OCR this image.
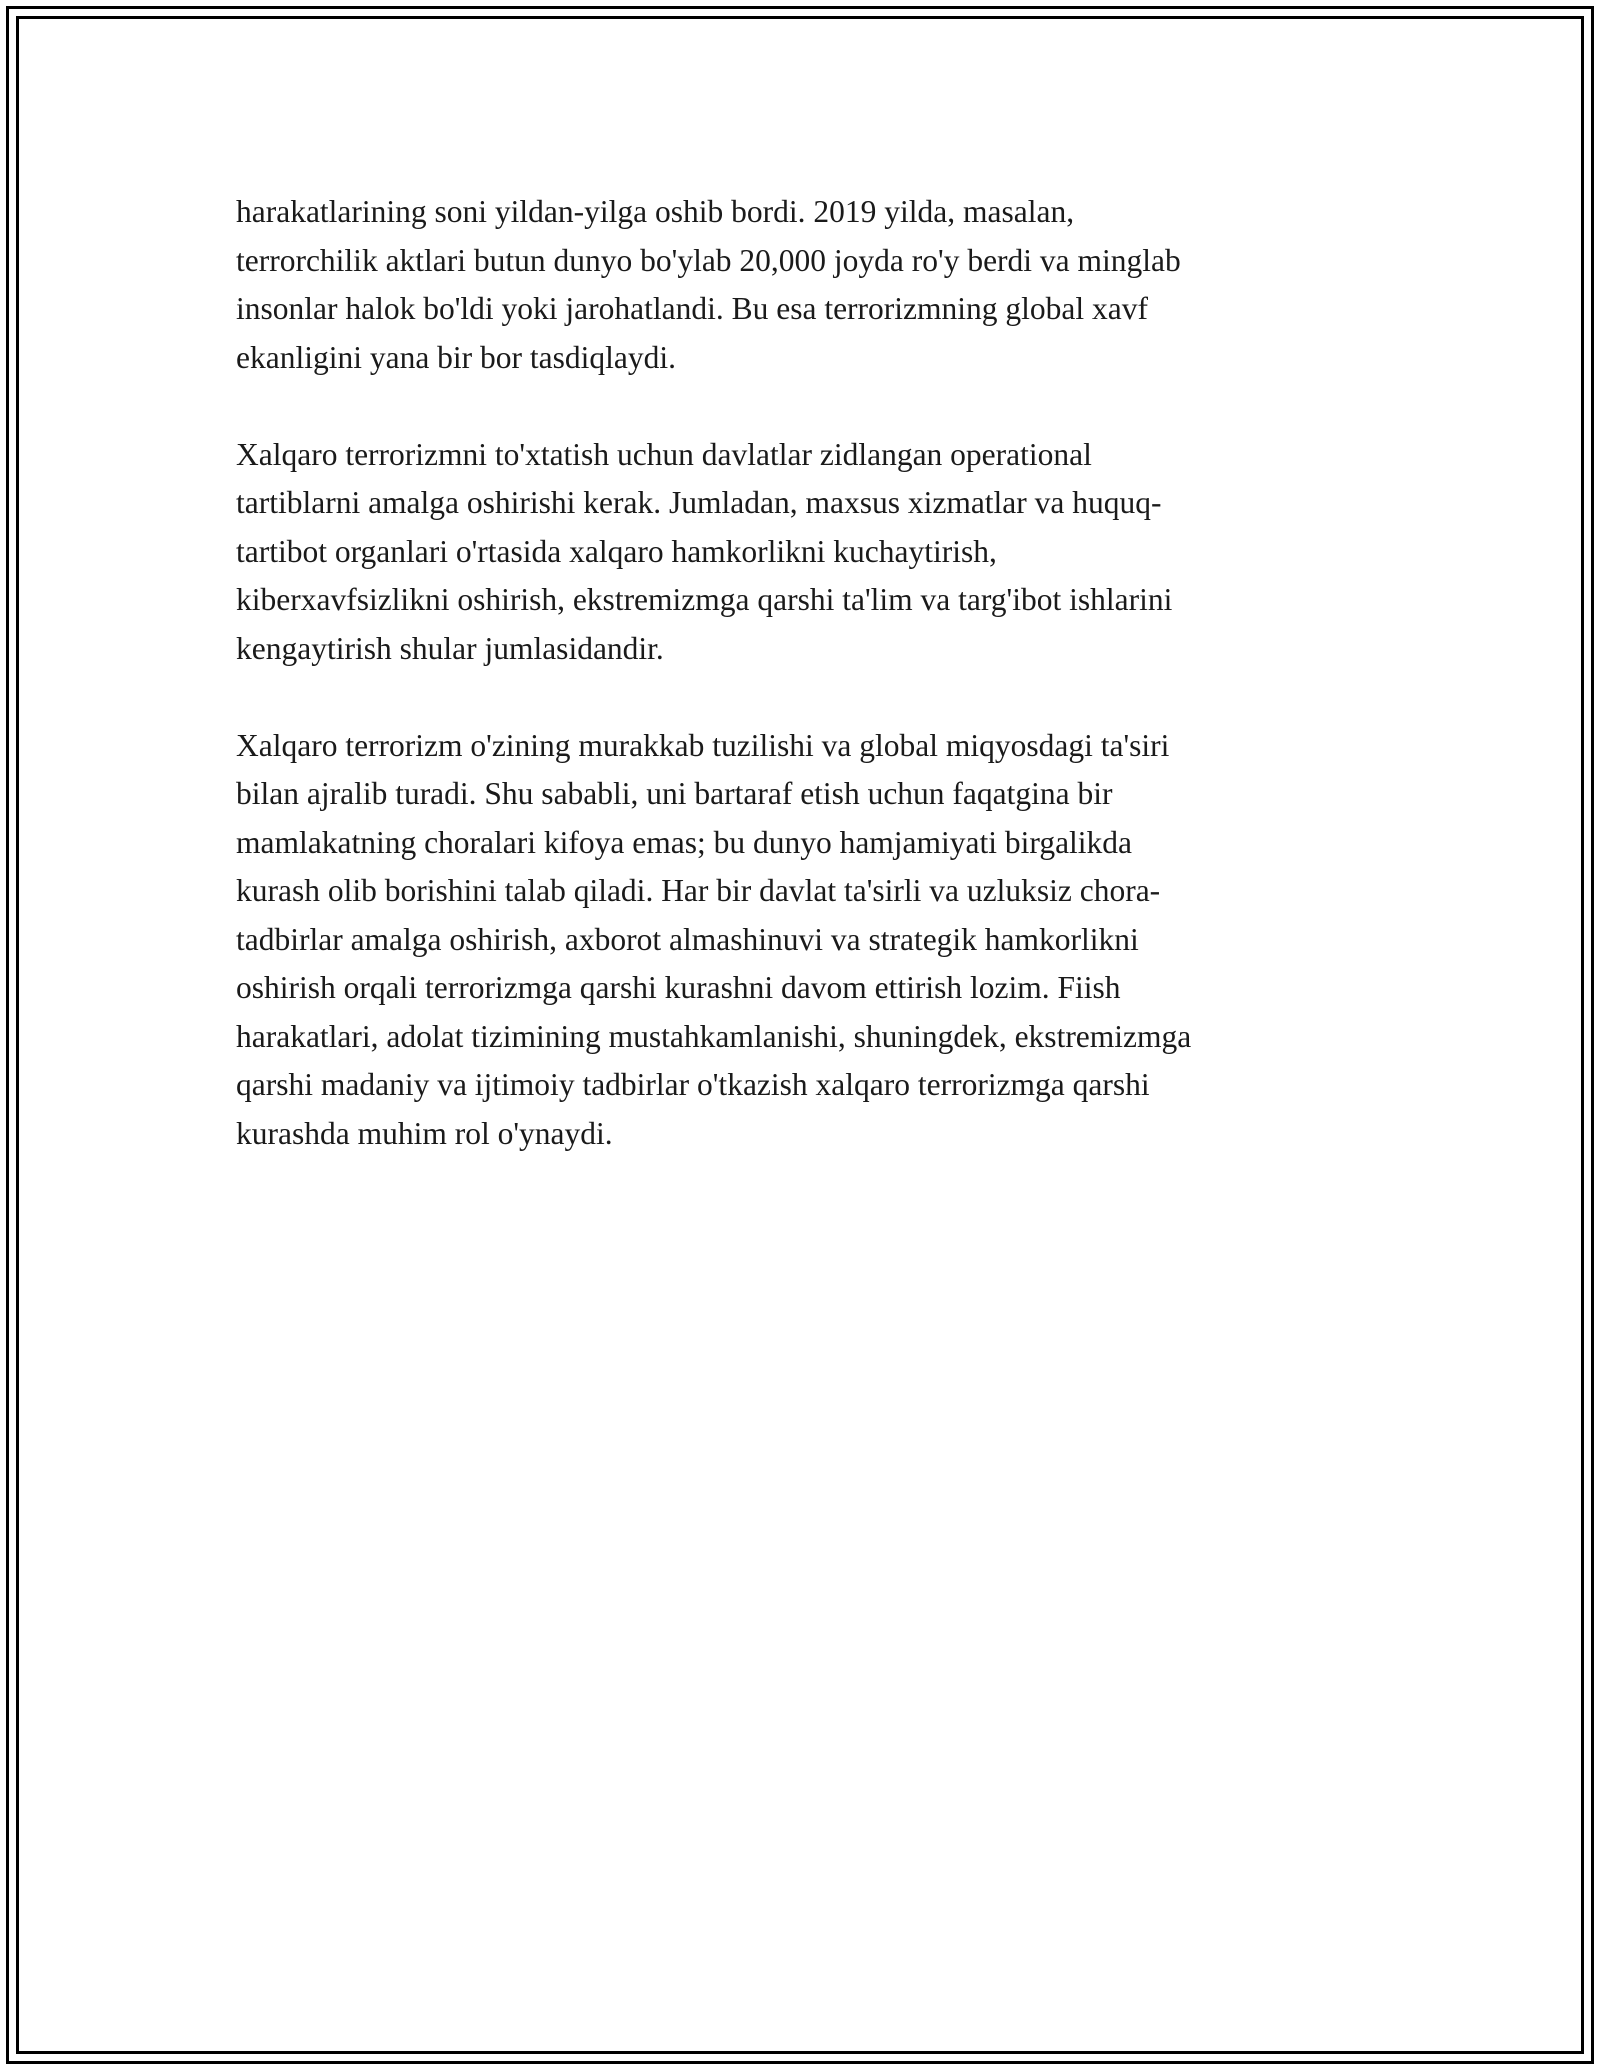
harakatlarining soni yildan-yilga oshib bordi. 2019 yilda, masalan,
terrorchilik aktlari butun dunyo bo'ylab 20,000 joyda ro'y berdi va minglab
insonlar halok bo'ldi yoki jarohatlandi. Bu esa terrorizmning global xavf
ekanligini yana bir bor tasdiqlaydi.

Xalqaro terrorizmni to'xtatish uchun davlatlar zidlangan operational
tartiblarni amalga oshirishi kerak. Jumladan, maxsus xizmatlar va huquq-
tartibot organlari o'rtasida xalqaro hamkorlikni kuchaytirish,
kiberxavfsizlikni oshirish, ekstremizmga qarshi ta'lim va targ'ibot ishlarini
kengaytirish shular jumlasidandir.

Xalqaro terrorizm o'zining murakkab tuzilishi va global miqyosdagi ta'siri
bilan ajralib turadi. Shu sababli, uni bartaraf etish uchun faqatgina bir
mamlakatning choralari kifoya emas; bu dunyo hamjamiyati birgalikda
kurash olib borishini talab qiladi. Har bir davlat ta'sirli va uzluksiz chora-
tadbirlar amalga oshirish, axborot almashinuvi va strategik hamkorlikni
oshirish orqali terrorizmga qarshi kurashni davom ettirish lozim. Fiish
harakatlari, adolat tizimining mustahkamlanishi, shuningdek, ekstremizmga
qarshi madaniy va ijtimoiy tadbirlar o'tkazish xalqaro terrorizmga qarshi
kurashda muhim rol o'ynaydi.
